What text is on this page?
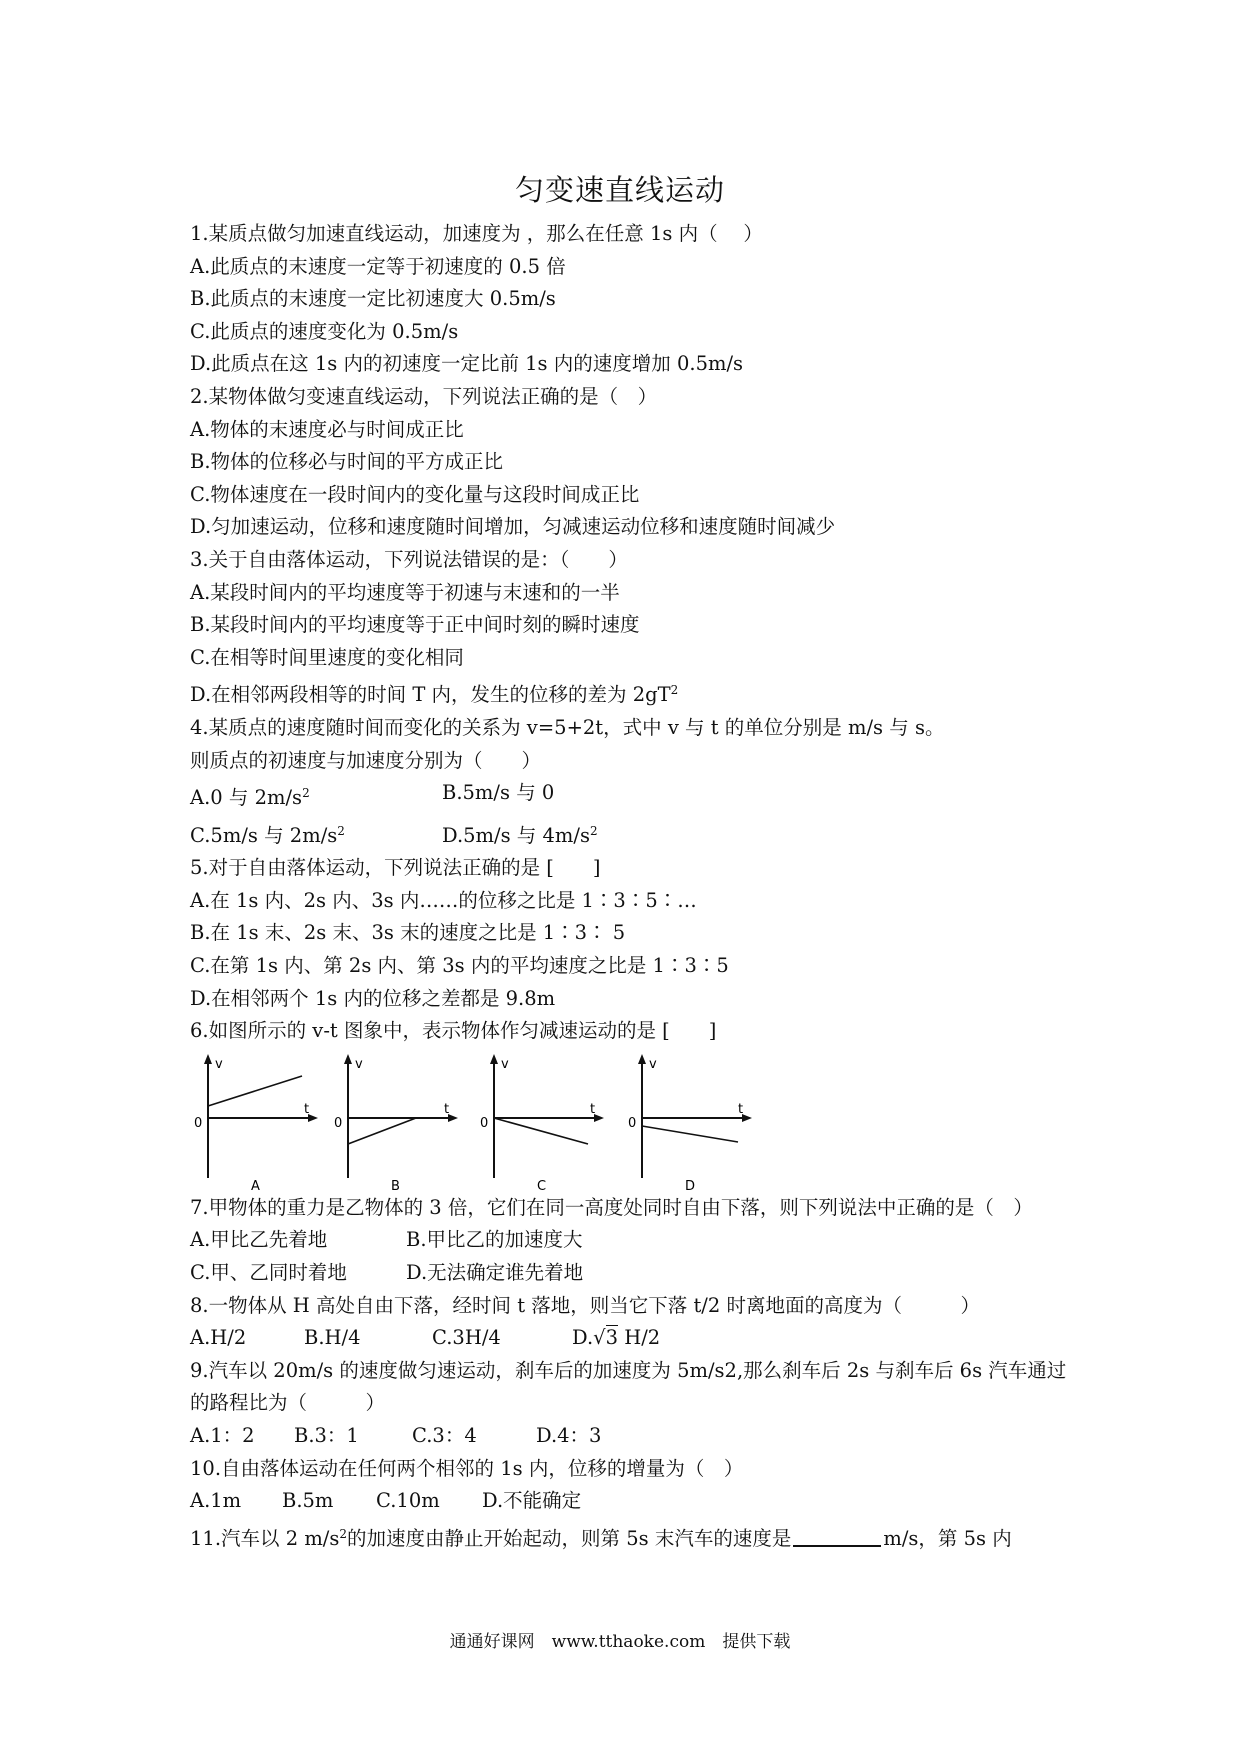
匀变速直线运动
1.某质点做匀加速直线运动，加速度为 ，那么在任意 1s 内（　 ）
A.此质点的末速度一定等于初速度的 0.5 倍
B.此质点的末速度一定比初速度大 0.5m/s
C.此质点的速度变化为 0.5m/s
D.此质点在这 1s 内的初速度一定比前 1s 内的速度增加 0.5m/s
2.某物体做匀变速直线运动，下列说法正确的是（　）
A.物体的末速度必与时间成正比
B.物体的位移必与时间的平方成正比
C.物体速度在一段时间内的变化量与这段时间成正比
D.匀加速运动，位移和速度随时间增加，匀减速运动位移和速度随时间减少
3.关于自由落体运动，下列说法错误的是：（　　）
A.某段时间内的平均速度等于初速与末速和的一半
B.某段时间内的平均速度等于正中间时刻的瞬时速度
C.在相等时间里速度的变化相同
D.在相邻两段相等的时间 T 内，发生的位移的差为 $2gT^2$
4.某质点的速度随时间而变化的关系为 v=5+2t，式中 v 与 t 的单位分别是 m/s 与 s。
则质点的初速度与加速度分别为（　　）
A.0 与 $2m/s^2$	B.5m/s 与 0
C.5m/s 与 $2m/s^2$	D.5m/s 与 $4m/s^2$
5.对于自由落体运动，下列说法正确的是 [　　]
A.在 1s 内、2s 内、3s 内……的位移之比是 1∶3∶5∶…
B.在 1s 末、2s 末、3s 末的速度之比是 1∶3∶ 5
C.在第 1s 内、第 2s 内、第 3s 内的平均速度之比是 1∶3∶5
D.在相邻两个 1s 内的位移之差都是 9.8m
6.如图所示的 v-t 图象中，表示物体作匀减速运动的是 [　　]
v
t
0
A
v
t
0
B
v
t
0
C
v
t
0
D
7.甲物体的重力是乙物体的 3 倍，它们在同一高度处同时自由下落，则下列说法中正确的是（　）
A.甲比乙先着地	B.甲比乙的加速度大
C.甲、乙同时着地	D.无法确定谁先着地
8.一物体从 H 高处自由下落，经时间 t 落地，则当它下落 t/2 时离地面的高度为（　　　）
A.H/2	B.H/4	C.3H/4	D.√3 H/2
9.汽车以 20m/s 的速度做匀速运动，刹车后的加速度为 5m/s2,那么刹车后 2s 与刹车后 6s 汽车通过的路程比为（　　　）
A.1：2	B.3：1	C.3：4	D.4：3
10.自由落体运动在任何两个相邻的 1s 内，位移的增量为（　）
A.1m	B.5m	C.10m	D.不能确定
11.汽车以 2 $m/s^2$的加速度由静止开始起动，则第 5s 末汽车的速度是	m/s，第 5s 内
通通好课网　www.tthaoke.com　提供下载
